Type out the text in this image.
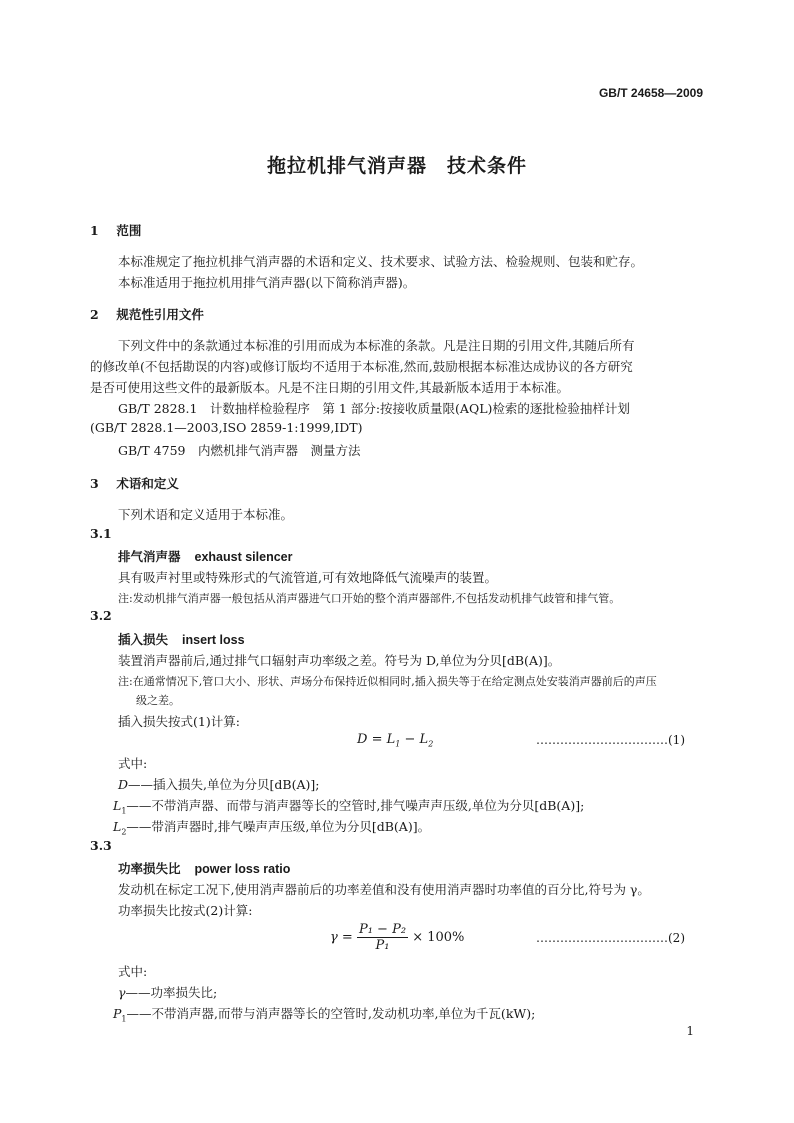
GB/T 24658—2009
拖拉机排气消声器　技术条件
1 范围
本标准规定了拖拉机排气消声器的术语和定义、技术要求、试验方法、检验规则、包装和贮存。
本标准适用于拖拉机用排气消声器(以下简称消声器)。
2 规范性引用文件
下列文件中的条款通过本标准的引用而成为本标准的条款。凡是注日期的引用文件,其随后所有
的修改单(不包括勘误的内容)或修订版均不适用于本标准,然而,鼓励根据本标准达成协议的各方研究
是否可使用这些文件的最新版本。凡是不注日期的引用文件,其最新版本适用于本标准。
GB/T 2828.1　计数抽样检验程序　第 1 部分:按接收质量限(AQL)检索的逐批检验抽样计划
(GB/T 2828.1—2003,ISO 2859-1:1999,IDT)
GB/T 4759　内燃机排气消声器　测量方法
3 术语和定义
下列术语和定义适用于本标准。
3.1
排气消声器 exhaust silencer
具有吸声衬里或特殊形式的气流管道,可有效地降低气流噪声的装置。
注:发动机排气消声器一般包括从消声器进气口开始的整个消声器部件,不包括发动机排气歧管和排气管。
3.2
插入损失 insert loss
装置消声器前后,通过排气口辐射声功率级之差。符号为 D,单位为分贝[dB(A)]。
注:在通常情况下,管口大小、形状、声场分布保持近似相同时,插入损失等于在给定测点处安装消声器前后的声压
级之差。
插入损失按式(1)计算:
$D = L_1 - L_2$	……………………………(1)
式中:
D——插入损失,单位为分贝[dB(A)];
$L_1——$不带消声器、而带与消声器等长的空管时,排气噪声声压级,单位为分贝[dB(A)];
$L_2——$带消声器时,排气噪声声压级,单位为分贝[dB(A)]。
3.3
功率损失比 power loss ratio
发动机在标定工况下,使用消声器前后的功率差值和没有使用消声器时功率值的百分比,符号为 γ。
功率损失比按式(2)计算:
$\gamma = \frac{\text{P₁ − P₂}}{\text{P₁}} \times 100\%$	……………………………(2)
式中:
γ——功率损失比;
$P_1——$不带消声器,而带与消声器等长的空管时,发动机功率,单位为千瓦(kW);
1
